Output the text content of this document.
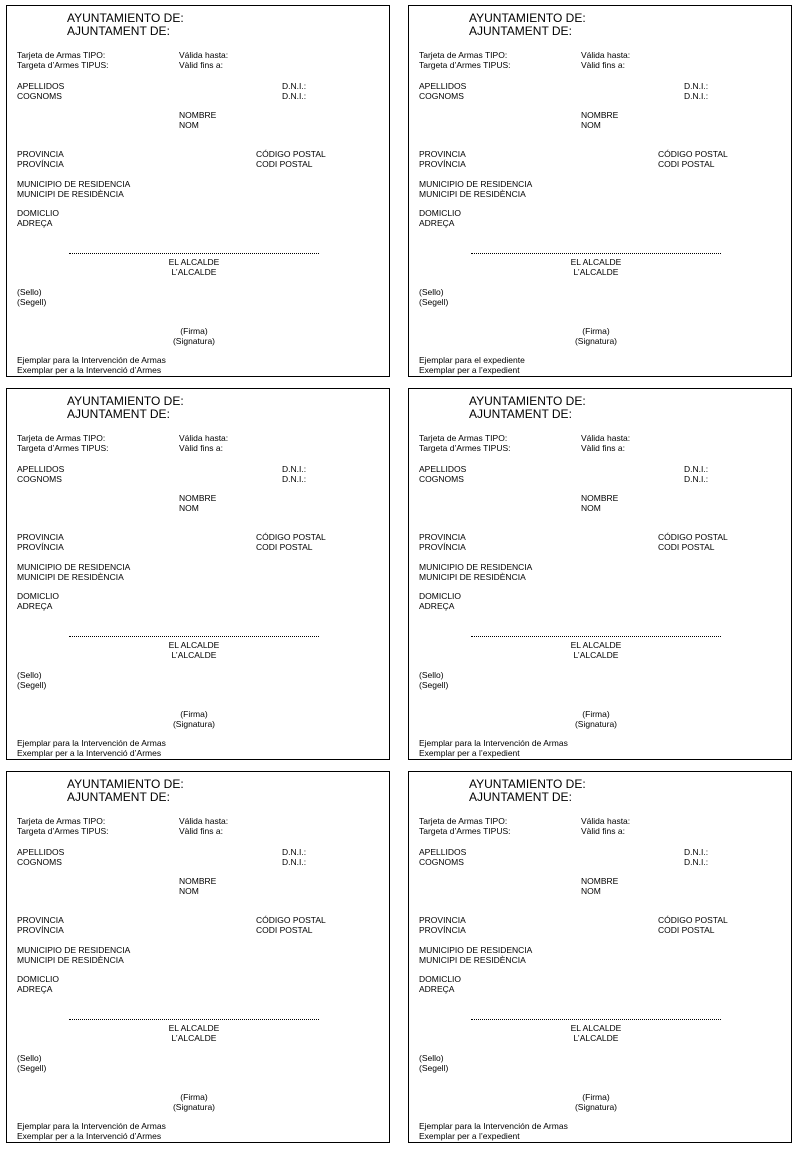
AYUNTAMIENTO DE:
AJUNTAMENT DE:
Tarjeta de Armas TIPO:
Targeta d’Armes TIPUS:
Válida hasta:
Vàlid fins a:
APELLIDOS
COGNOMS
D.N.I.:
D.N.I.:
NOMBRE
NOM
PROVINCIA
PROVÍNCIA
CÓDIGO POSTAL
CODI POSTAL
MUNICIPIO DE RESIDENCIA
MUNICIPI DE RESIDÈNCIA
DOMICLIO
ADREÇA
EL ALCALDE
L’ALCALDE
(Sello)
(Segell)
(Firma)
(Signatura)
Ejemplar para la Intervención de Armas
Exemplar per a la Intervenció d’Armes
AYUNTAMIENTO DE:
AJUNTAMENT DE:
Tarjeta de Armas TIPO:
Targeta d’Armes TIPUS:
Válida hasta:
Vàlid fins a:
APELLIDOS
COGNOMS
D.N.I.:
D.N.I.:
NOMBRE
NOM
PROVINCIA
PROVÍNCIA
CÓDIGO POSTAL
CODI POSTAL
MUNICIPIO DE RESIDENCIA
MUNICIPI DE RESIDÈNCIA
DOMICLIO
ADREÇA
EL ALCALDE
L’ALCALDE
(Sello)
(Segell)
(Firma)
(Signatura)
Ejemplar para el expediente
Exemplar per a l’expedient
AYUNTAMIENTO DE:
AJUNTAMENT DE:
Tarjeta de Armas TIPO:
Targeta d’Armes TIPUS:
Válida hasta:
Vàlid fins a:
APELLIDOS
COGNOMS
D.N.I.:
D.N.I.:
NOMBRE
NOM
PROVINCIA
PROVÍNCIA
CÓDIGO POSTAL
CODI POSTAL
MUNICIPIO DE RESIDENCIA
MUNICIPI DE RESIDÈNCIA
DOMICLIO
ADREÇA
EL ALCALDE
L’ALCALDE
(Sello)
(Segell)
(Firma)
(Signatura)
Ejemplar para la Intervención de Armas
Exemplar per a la Intervenció d’Armes
AYUNTAMIENTO DE:
AJUNTAMENT DE:
Tarjeta de Armas TIPO:
Targeta d’Armes TIPUS:
Válida hasta:
Vàlid fins a:
APELLIDOS
COGNOMS
D.N.I.:
D.N.I.:
NOMBRE
NOM
PROVINCIA
PROVÍNCIA
CÓDIGO POSTAL
CODI POSTAL
MUNICIPIO DE RESIDENCIA
MUNICIPI DE RESIDÈNCIA
DOMICLIO
ADREÇA
EL ALCALDE
L’ALCALDE
(Sello)
(Segell)
(Firma)
(Signatura)
Ejemplar para la Intervención de Armas
Exemplar per a l’expedient
AYUNTAMIENTO DE:
AJUNTAMENT DE:
Tarjeta de Armas TIPO:
Targeta d’Armes TIPUS:
Válida hasta:
Vàlid fins a:
APELLIDOS
COGNOMS
D.N.I.:
D.N.I.:
NOMBRE
NOM
PROVINCIA
PROVÍNCIA
CÓDIGO POSTAL
CODI POSTAL
MUNICIPIO DE RESIDENCIA
MUNICIPI DE RESIDÈNCIA
DOMICLIO
ADREÇA
EL ALCALDE
L’ALCALDE
(Sello)
(Segell)
(Firma)
(Signatura)
Ejemplar para la Intervención de Armas
Exemplar per a la Intervenció d’Armes
AYUNTAMIENTO DE:
AJUNTAMENT DE:
Tarjeta de Armas TIPO:
Targeta d’Armes TIPUS:
Válida hasta:
Vàlid fins a:
APELLIDOS
COGNOMS
D.N.I.:
D.N.I.:
NOMBRE
NOM
PROVINCIA
PROVÍNCIA
CÓDIGO POSTAL
CODI POSTAL
MUNICIPIO DE RESIDENCIA
MUNICIPI DE RESIDÈNCIA
DOMICLIO
ADREÇA
EL ALCALDE
L’ALCALDE
(Sello)
(Segell)
(Firma)
(Signatura)
Ejemplar para la Intervención de Armas
Exemplar per a l’expedient
